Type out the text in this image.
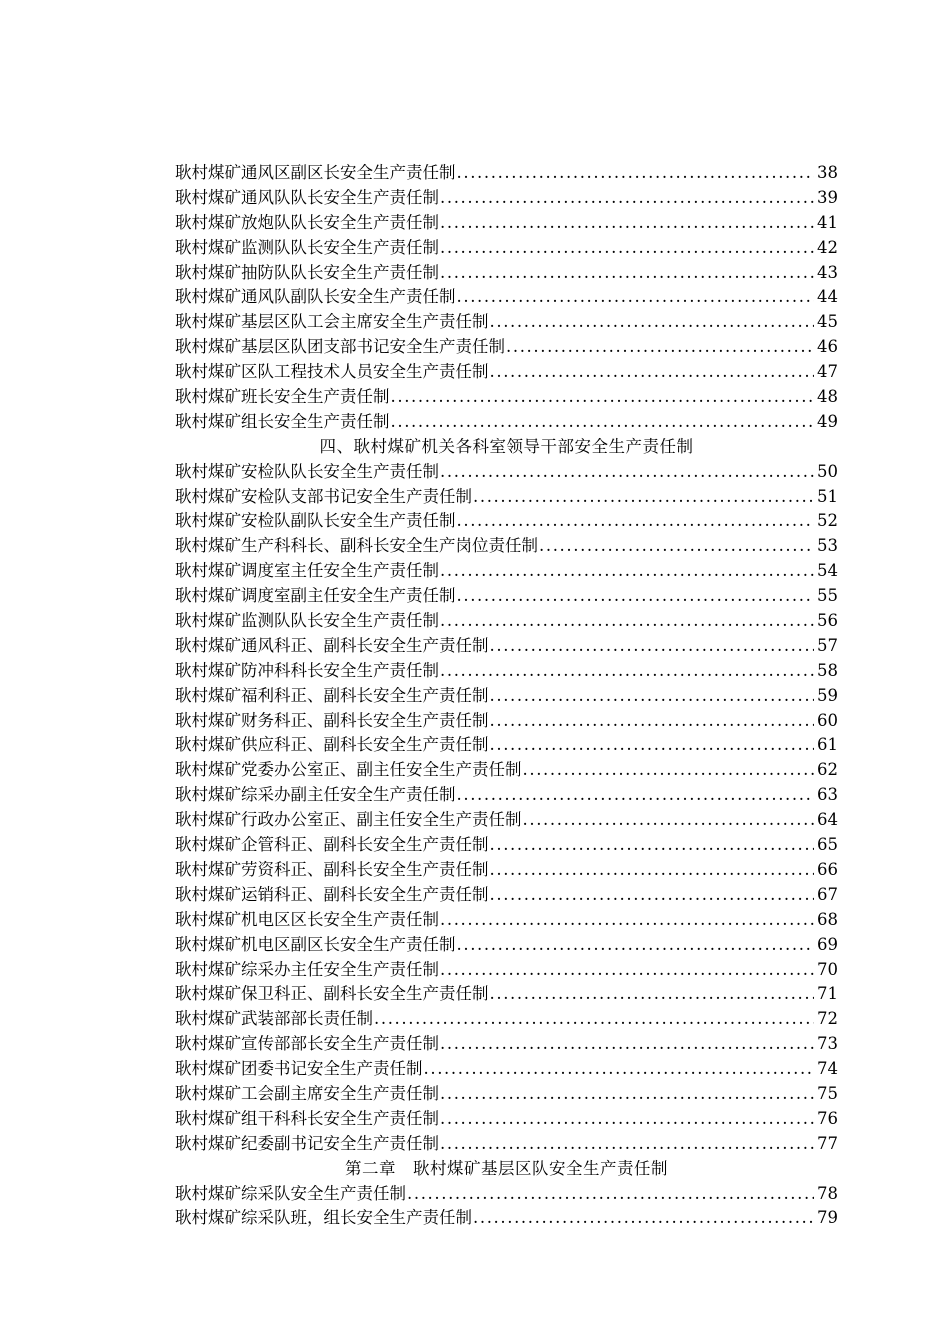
耿村煤矿通风区副区长安全生产责任制 .....	38
耿村煤矿通风队队长安全生产责任制 .....	39
耿村煤矿放炮队队长安全生产责任制 .....	41
耿村煤矿监测队队长安全生产责任制 .....	42
耿村煤矿抽防队队长安全生产责任制 .....	43
耿村煤矿通风队副队长安全生产责任制 .....	44
耿村煤矿基层区队工会主席安全生产责任制 .....	45
耿村煤矿基层区队团支部书记安全生产责任制 .....	46
耿村煤矿区队工程技术人员安全生产责任制 .....	47
耿村煤矿班长安全生产责任制 .....	48
耿村煤矿组长安全生产责任制 .....	49
四、耿村煤矿机关各科室领导干部安全生产责任制
耿村煤矿安检队队长安全生产责任制 .....	50
耿村煤矿安检队支部书记安全生产责任制 .....	51
耿村煤矿安检队副队长安全生产责任制 .....	52
耿村煤矿生产科科长、副科长安全生产岗位责任制 .....	53
耿村煤矿调度室主任安全生产责任制 .....	54
耿村煤矿调度室副主任安全生产责任制 .....	55
耿村煤矿监测队队长安全生产责任制 .....	56
耿村煤矿通风科正、副科长安全生产责任制 .....	57
耿村煤矿防冲科科长安全生产责任制 .....	58
耿村煤矿福利科正、副科长安全生产责任制 .....	59
耿村煤矿财务科正、副科长安全生产责任制 .....	60
耿村煤矿供应科正、副科长安全生产责任制 .....	61
耿村煤矿党委办公室正、副主任安全生产责任制 .....	62
耿村煤矿综采办副主任安全生产责任制 .....	63
耿村煤矿行政办公室正、副主任安全生产责任制 .....	64
耿村煤矿企管科正、副科长安全生产责任制 .....	65
耿村煤矿劳资科正、副科长安全生产责任制 .....	66
耿村煤矿运销科正、副科长安全生产责任制 .....	67
耿村煤矿机电区区长安全生产责任制 .....	68
耿村煤矿机电区副区长安全生产责任制 .....	69
耿村煤矿综采办主任安全生产责任制 .....	70
耿村煤矿保卫科正、副科长安全生产责任制 .....	71
耿村煤矿武装部部长责任制 .....	72
耿村煤矿宣传部部长安全生产责任制 .....	73
耿村煤矿团委书记安全生产责任制 .....	74
耿村煤矿工会副主席安全生产责任制 .....	75
耿村煤矿组干科科长安全生产责任制 .....	76
耿村煤矿纪委副书记安全生产责任制 .....	77
第二章　耿村煤矿基层区队安全生产责任制
耿村煤矿综采队安全生产责任制 .....	78
耿村煤矿综采队班，组长安全生产责任制 .....	79
